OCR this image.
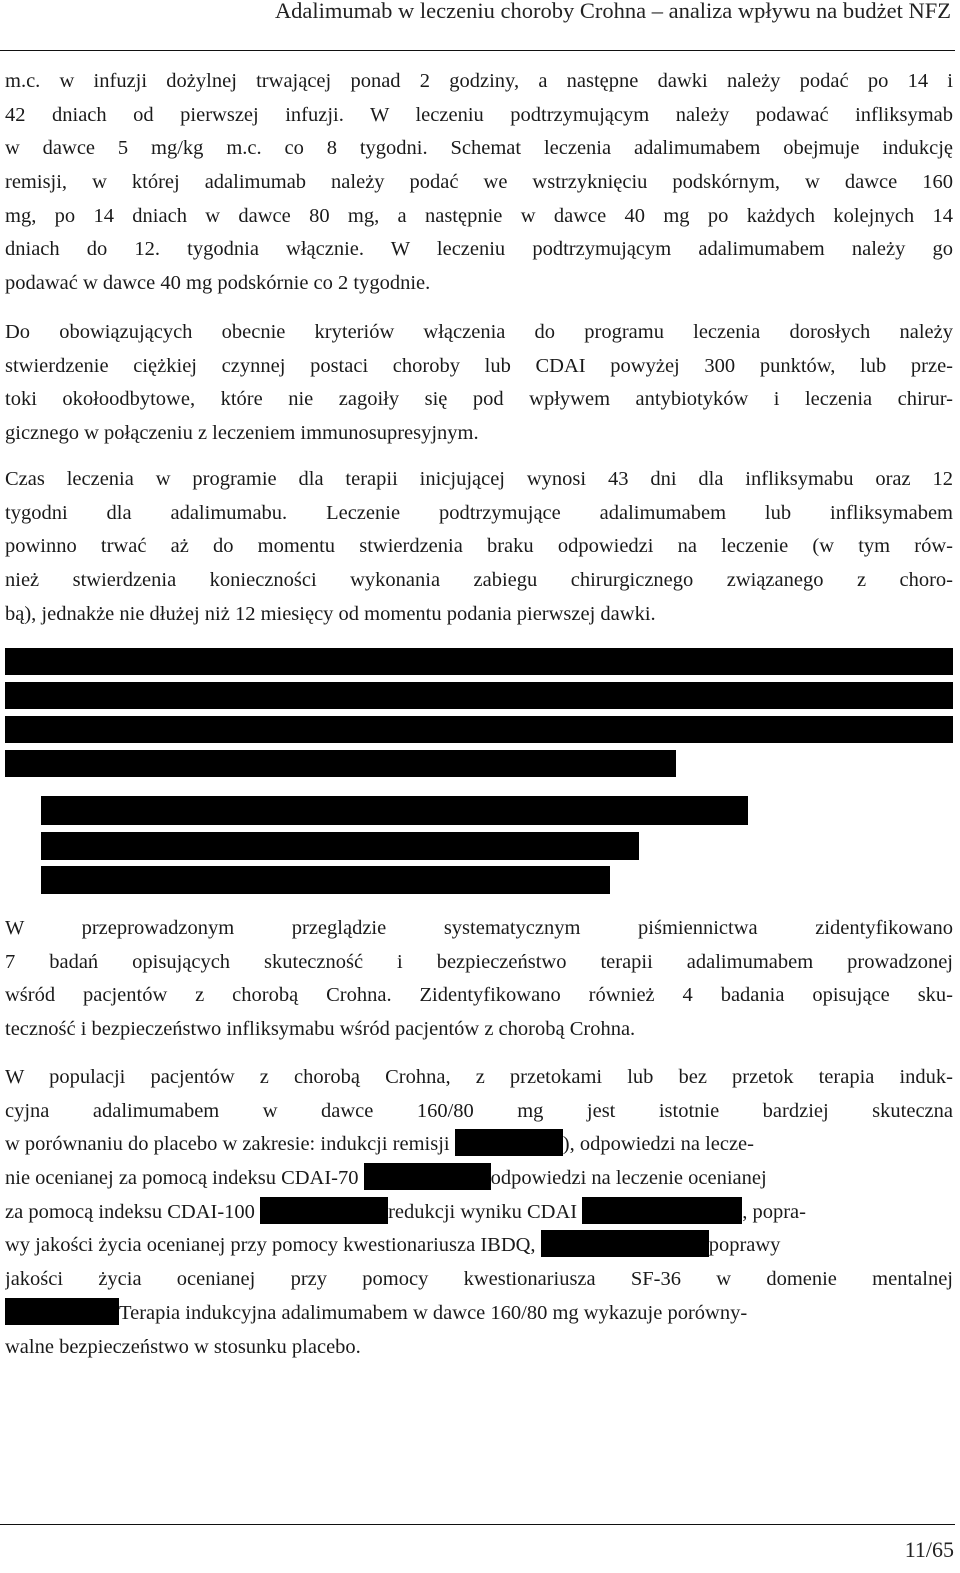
Adalimumab w leczeniu choroby Crohna – analiza wpływu na budżet NFZ
m.c. w infuzji dożylnej trwającej ponad 2 godziny, a następne dawki należy podać po 14 i
42 dniach od pierwszej infuzji. W leczeniu podtrzymującym należy podawać infliksymab
w dawce 5 mg/kg m.c. co 8 tygodni. Schemat leczenia adalimumabem obejmuje indukcję
remisji, w której adalimumab należy podać we wstrzyknięciu podskórnym, w dawce 160
mg, po 14 dniach w dawce 80 mg, a następnie w dawce 40 mg po każdych kolejnych 14
dniach do 12. tygodnia włącznie. W leczeniu podtrzymującym adalimumabem należy go
podawać w dawce 40 mg podskórnie co 2 tygodnie.
Do obowiązujących obecnie kryteriów włączenia do programu leczenia dorosłych należy
stwierdzenie ciężkiej czynnej postaci choroby lub CDAI powyżej 300 punktów, lub prze-
toki okołoodbytowe, które nie zagoiły się pod wpływem antybiotyków i leczenia chirur-
gicznego w połączeniu z leczeniem immunosupresyjnym.
Czas leczenia w programie dla terapii inicjującej wynosi 43 dni dla infliksymabu oraz 12
tygodni dla adalimumabu. Leczenie podtrzymujące adalimumabem lub infliksymabem
powinno trwać aż do momentu stwierdzenia braku odpowiedzi na leczenie (w tym rów-
nież stwierdzenia konieczności wykonania zabiegu chirurgicznego związanego z choro-
bą), jednakże nie dłużej niż 12 miesięcy od momentu podania pierwszej dawki.
W przeprowadzonym przeglądzie systematycznym piśmiennictwa zidentyfikowano
7 badań opisujących skuteczność i bezpieczeństwo terapii adalimumabem prowadzonej
wśród pacjentów z chorobą Crohna. Zidentyfikowano również 4 badania opisujące sku-
teczność i bezpieczeństwo infliksymabu wśród pacjentów z chorobą Crohna.
W populacji pacjentów z chorobą Crohna, z przetokami lub bez przetok terapia induk-
cyjna adalimumabem w dawce 160/80 mg jest istotnie bardziej skuteczna
w porównaniu do placebo w zakresie: indukcji remisji	), odpowiedzi na lecze-
nie ocenianej za pomocą indeksu CDAI-70	odpowiedzi na leczenie ocenianej
za pomocą indeksu CDAI-100	redukcji wyniku CDAI	, popra-
wy jakości życia ocenianej przy pomocy kwestionariusza IBDQ,	poprawy
jakości życia ocenianej przy pomocy kwestionariusza SF-36 w domenie mentalnej
Terapia indukcyjna adalimumabem w dawce 160/80 mg wykazuje porówny-
walne bezpieczeństwo w stosunku placebo.
11/65
